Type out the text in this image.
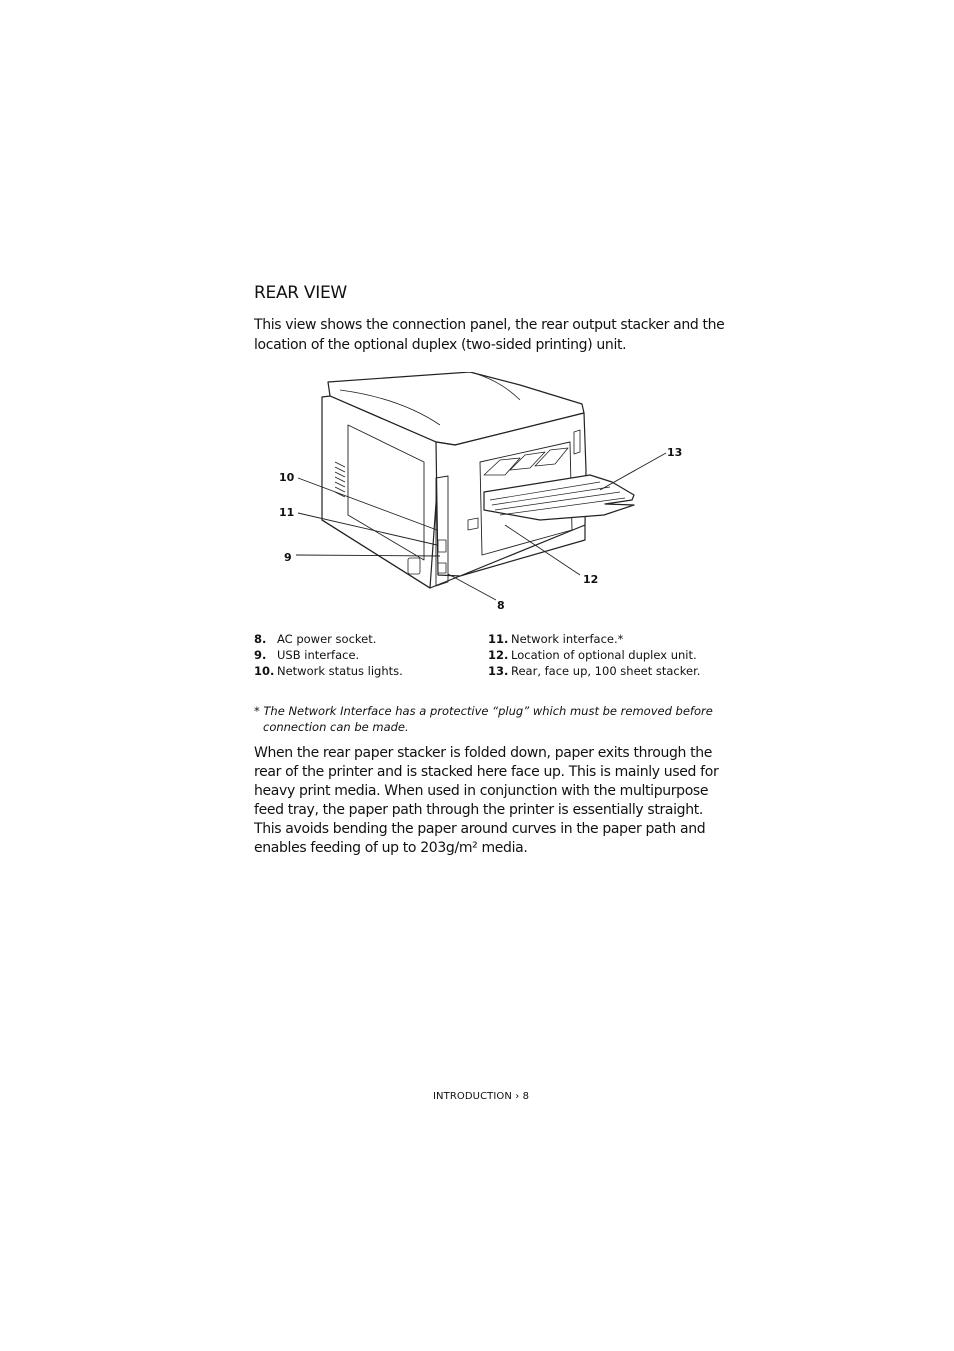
REAR VIEW
This view shows the connection panel, the rear output stacker and the location of the optional duplex (two-sided printing) unit.
10
11
9
8
12
13
8. AC power socket.
9. USB interface.
10. Network status lights.
11. Network interface.*
12. Location of optional duplex unit.
13. Rear, face up, 100 sheet stacker.
* The Network Interface has a protective “plug” which must be removed before
connection can be made.
When the rear paper stacker is folded down, paper exits through the rear of the printer and is stacked here face up. This is mainly used for heavy print media. When used in conjunction with the multipurpose feed tray, the paper path through the printer is essentially straight. This avoids bending the paper around curves in the paper path and enables feeding of up to 203g/m² media.
INTRODUCTION › 8
